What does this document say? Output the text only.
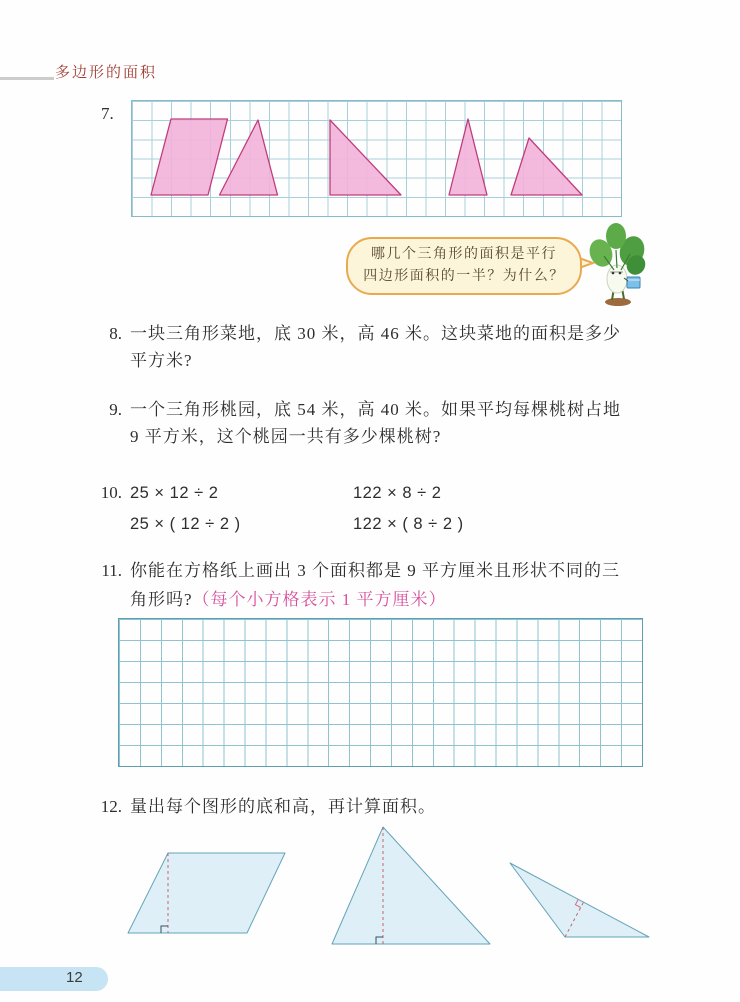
多边形的面积
7.
哪几个三角形的面积是平行
四边形面积的一半？为什么？
8. 一块三角形菜地，底 30 米，高 46 米。这块菜地的面积是多少
平方米?
9. 一个三角形桃园，底 54 米，高 40 米。如果平均每棵桃树占地
9 平方米，这个桃园一共有多少棵桃树?
10. 25 × 12 ÷ 2	122 × 8 ÷ 2
25 × ( 12 ÷ 2 )	122 × ( 8 ÷ 2 )
11. 你能在方格纸上画出 3 个面积都是 9 平方厘米且形状不同的三
角形吗?（每个小方格表示 1 平方厘米）
12. 量出每个图形的底和高，再计算面积。
12
